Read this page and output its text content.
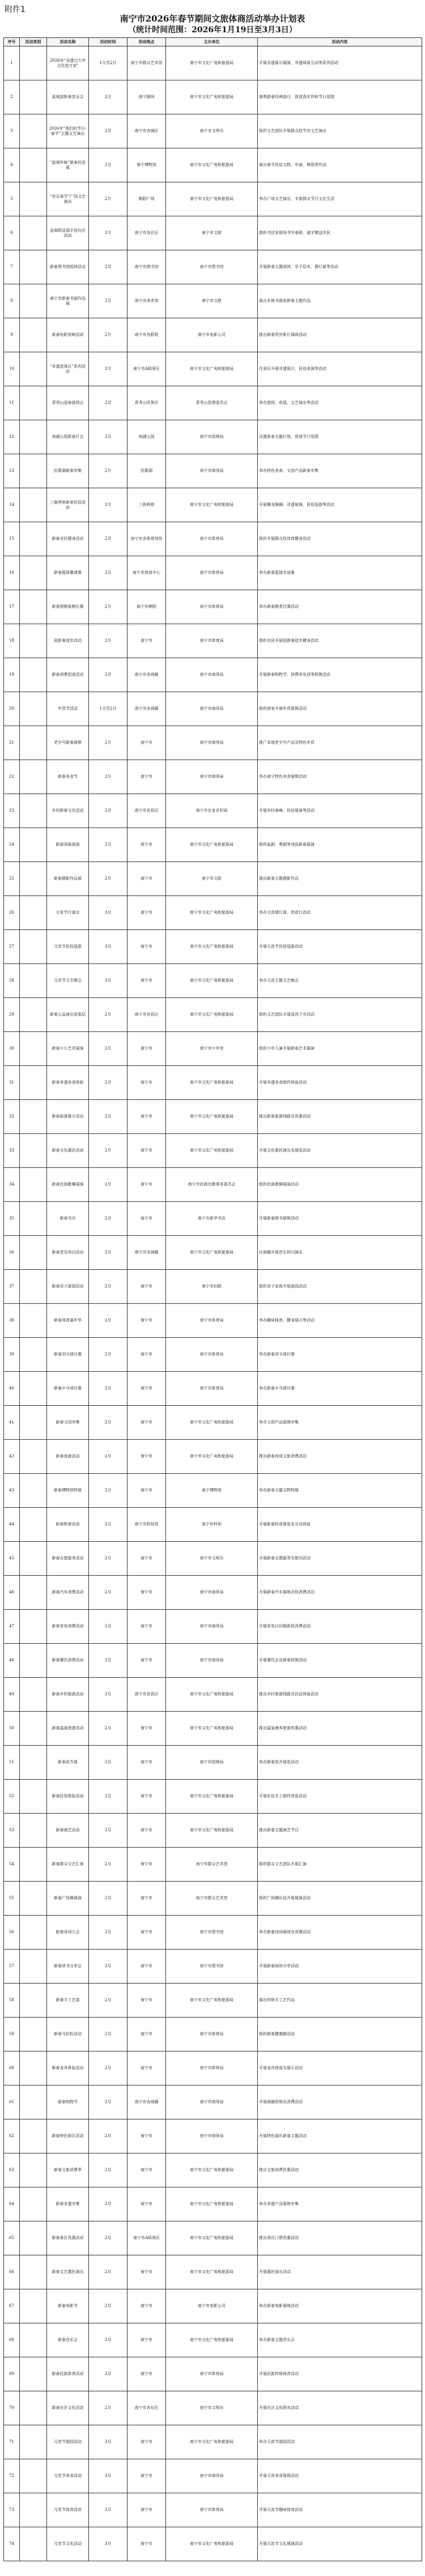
附件1
南宁市2026年春节期间文旅体商活动举办计划表
（统计时间范围：2026年1月19日至3月3日）
序号	活动类别	活动名称	活动时间	活动地点	主办单位	活动内容
1		2026年“非遗过大年 文化进万家”	1月至2月	南宁市群众艺术馆	南宁市文化广电和旅游局	开展非遗展示展演、非遗体验互动等系列活动
2		邕城迎新春音乐会	2月	南宁剧场	南宁市文化广电和旅游局	演奏新春经典曲目，营造喜庆祥和节日氛围
3		2026年“我们的节日·春节”主题文艺演出	2月	南宁市各城区	南宁市文明办	组织文艺团队开展群众性节庆文艺演出
4		“邕城年味”新春民俗展	2月	南宁博物馆	南宁市文化广电和旅游局	展出春节民俗文物、年画、剪纸等作品
5		“欢乐春节”广场文艺演出	2月	朝阳广场	南宁市文化广电和旅游局	举办广场文艺演出，丰富群众节日文化生活
6		送春联送福字进社区活动	2月	南宁市各社区	南宁市文联	组织书法家现场书写春联、福字赠送市民
7		新春图书馆阅读活动	2月	南宁市图书馆	南宁市图书馆	开展新春主题阅读、亲子绘本、猜灯谜等活动
8		南宁市新春书画作品展	2月	南宁市美术馆	南宁市文联	展出本地书画家新春主题作品
9		新春电影放映活动	2月	南宁市各影院	南宁市电影公司	推出新春贺岁影片展映活动
10		“非遗进景区”系列活动	2月	南宁市A级景区	南宁市文化广电和旅游局	在景区开展非遗展示、民俗表演等活动
11		青秀山迎春游园会	2月	青秀山风景区	青秀山管理委员会	举办游园、花展、文艺演出等活动
12		南湖公园新春灯会	2月	南湖公园	南宁市园林局	设置新春主题灯组，营造节日氛围
13		民歌湖新春市集	2月	民歌湖	南宁市商务局	举办特色美食、文创产品新春市集
14		三街两巷新春民俗活动	2月	三街两巷	南宁市文化广电和旅游局	开展舞龙舞狮、非遗展演、民俗巡游等活动
15		新春全民健身活动	2月	南宁市各体育场馆	南宁市体育局	组织开展群众性体育健身活动
16		新春篮球邀请赛	2月	南宁市体育中心	南宁市体育局	举办新春篮球友谊赛
17		新春围棋象棋比赛	2月	南宁市棋院	南宁市体育局	举办新春棋类比赛活动
18		迎新春徒步活动	2月	南宁市	南宁市体育局	组织市民开展迎新春徒步健身活动
19		新春消费促进活动	2月	南宁市各商圈	南宁市商务局	开展新春购物节、消费券发放等促销活动
20		年货节活动	1月至2月	南宁市各商圈	南宁市商务局	组织商家开展年货展销活动
21		老字号新春展销	2月	南宁市	南宁市商务局	推广本地老字号产品及特色年货
22		新春美食节	2月	南宁市	南宁市商务局	举办南宁特色美食展销活动
23		乡村新春文化活动	2月	南宁市各县区	南宁市农业农村局	开展乡村春晚、民俗展演等活动
24		新春戏曲展演	2月	南宁市	南宁市文化广电和旅游局	组织邕剧、粤剧等戏曲新春展演
25		新春摄影作品展	2月	南宁市	南宁市文联	展出新春主题摄影作品
26		元宵节灯谜会	3月	南宁市	南宁市文化广电和旅游局	举办元宵猜灯谜、赏花灯活动
27		元宵节民俗巡游	3月	南宁市	南宁市文化广电和旅游局	开展元宵节民俗巡游活动
28		元宵节文艺晚会	3月	南宁市	南宁市文化广电和旅游局	举办元宵主题文艺晚会
29		新春公益演出进基层	2月	南宁市各县区	南宁市文化广电和旅游局	组织文艺团队开展送戏下乡活动
30		新春少儿艺术展演	2月	南宁市	南宁市少年宫	组织少年儿童开展新春艺术展演
31		新春非遗美食体验	2月	南宁市	南宁市文化广电和旅游局	开展非遗美食制作体验活动
32		新春旅游推介活动	2月	南宁市	南宁市文化广电和旅游局	推出新春旅游线路及优惠活动
33		新春文化惠民活动	2月	南宁市	南宁市文化广电和旅游局	开展文化惠民演出及展览活动
34		新春民族歌舞展演	2月	南宁市	南宁市民族宗教事务委员会	组织民族歌舞展演活动
35		新春书市	2月	南宁市	南宁市新华书店	开展新春图书展销活动
36		新春音乐快闪活动	2月	南宁市各商圈	南宁市文化广电和旅游局	在商圈开展音乐快闪演出
37		新春亲子游园活动	2月	南宁市	南宁市妇联	组织亲子家庭开展游园活动
38		新春体育嘉年华	2月	南宁市	南宁市体育局	举办趣味体育、健身展示等活动
39		新春羽毛球比赛	2月	南宁市	南宁市体育局	举办新春羽毛球比赛
40		新春乒乓球比赛	2月	南宁市	南宁市体育局	举办新春乒乓球比赛
41		新春文创市集	2月	南宁市	南宁市文化广电和旅游局	举办文创产品展销市集
42		新春夜游活动	2月	南宁市	南宁市文化广电和旅游局	推出新春夜间文旅消费活动
43		新春博物馆特展	2月	南宁市	南宁博物馆	举办新春主题文物特展
44		新春科普活动	2月	南宁市科技馆	南宁市科协	开展新春科普展览及互动体验
45		新春志愿服务活动	2月	南宁市	南宁市文明办	开展新春志愿服务及慰问活动
46		新春汽车消费活动	2月	南宁市	南宁市商务局	开展新春汽车展销及促消费活动
47		新春家电消费活动	2月	南宁市	南宁市商务局	开展家电以旧换新促消费活动
48		新春餐饮消费活动	2月	南宁市	南宁市商务局	开展餐饮企业新春促销活动
49		新春乡村旅游活动	2月	南宁市各县区	南宁市文化广电和旅游局	推出乡村旅游线路及民俗体验活动
50		新春温泉旅游活动	2月	南宁市	南宁市文化广电和旅游局	推出温泉康养旅游优惠活动
51		新春花卉展	2月	南宁市	南宁市园林局	举办新春花卉展览活动
52		新春民俗体验活动	2月	南宁市	南宁市文化广电和旅游局	开展民俗手工制作体验活动
53		新春演艺活动	2月	南宁市	南宁市文化广电和旅游局	推出新春主题演艺节目
54		新春群众文艺汇演	2月	南宁市	南宁市群众艺术馆	组织群众文艺团队开展汇演
55		新春广场舞展演	2月	南宁市	南宁市群众艺术馆	组织广场舞队伍开展展演活动
56		新春诗词大会	2月	南宁市	南宁市图书馆	举办新春诗词诵读及竞赛活动
57		新春读书分享会	2月	南宁市	南宁市图书馆	开展新春阅读分享活动
58		新春手工艺展	2月	南宁市	南宁市文化广电和旅游局	展出传统手工艺作品
59		新春马拉松活动	2月	南宁市	南宁市体育局	组织新春健康跑活动
60		新春龙舟体验活动	2月	南宁市	南宁市体育局	开展龙舟体验及展示活动
61		新春购物节	2月	南宁市各商圈	南宁市商务局	开展商圈促销及消费活动
62		新春特色街区活动	2月	南宁市	南宁市商务局	开展特色街区新春主题活动
63		新春文旅消费季	2月	南宁市	南宁市文化广电和旅游局	推出文旅消费优惠活动
64		新春非遗市集	2月	南宁市	南宁市文化广电和旅游局	举办非遗产品展销市集
65		新春景区优惠活动	2月	南宁市A级景区	南宁市文化广电和旅游局	推出景区门票优惠活动
66		新春文艺惠民演出	2月	南宁市	南宁市文化广电和旅游局	开展惠民演出活动
67		新春电影节	2月	南宁市	南宁市电影公司	举办新春电影展映活动
68		新春音乐会	2月	南宁市	南宁市文化广电和旅游局	举办新春主题音乐会
69		新春民族体育活动	2月	南宁市	南宁市体育局	开展民族传统体育活动
70		新春社区文化活动	2月	南宁市各社区	南宁市文明办	开展社区文化联欢活动
71		元宵节游园活动	3月	南宁市	南宁市文化广电和旅游局	举办元宵节游园活动
72		元宵节美食活动	3月	南宁市	南宁市商务局	开展元宵美食展销活动
73		元宵节体育活动	3月	南宁市	南宁市体育局	开展元宵节趣味体育活动
74		元宵节文化活动	3月	南宁市	南宁市文化广电和旅游局	开展元宵节文化展演活动
